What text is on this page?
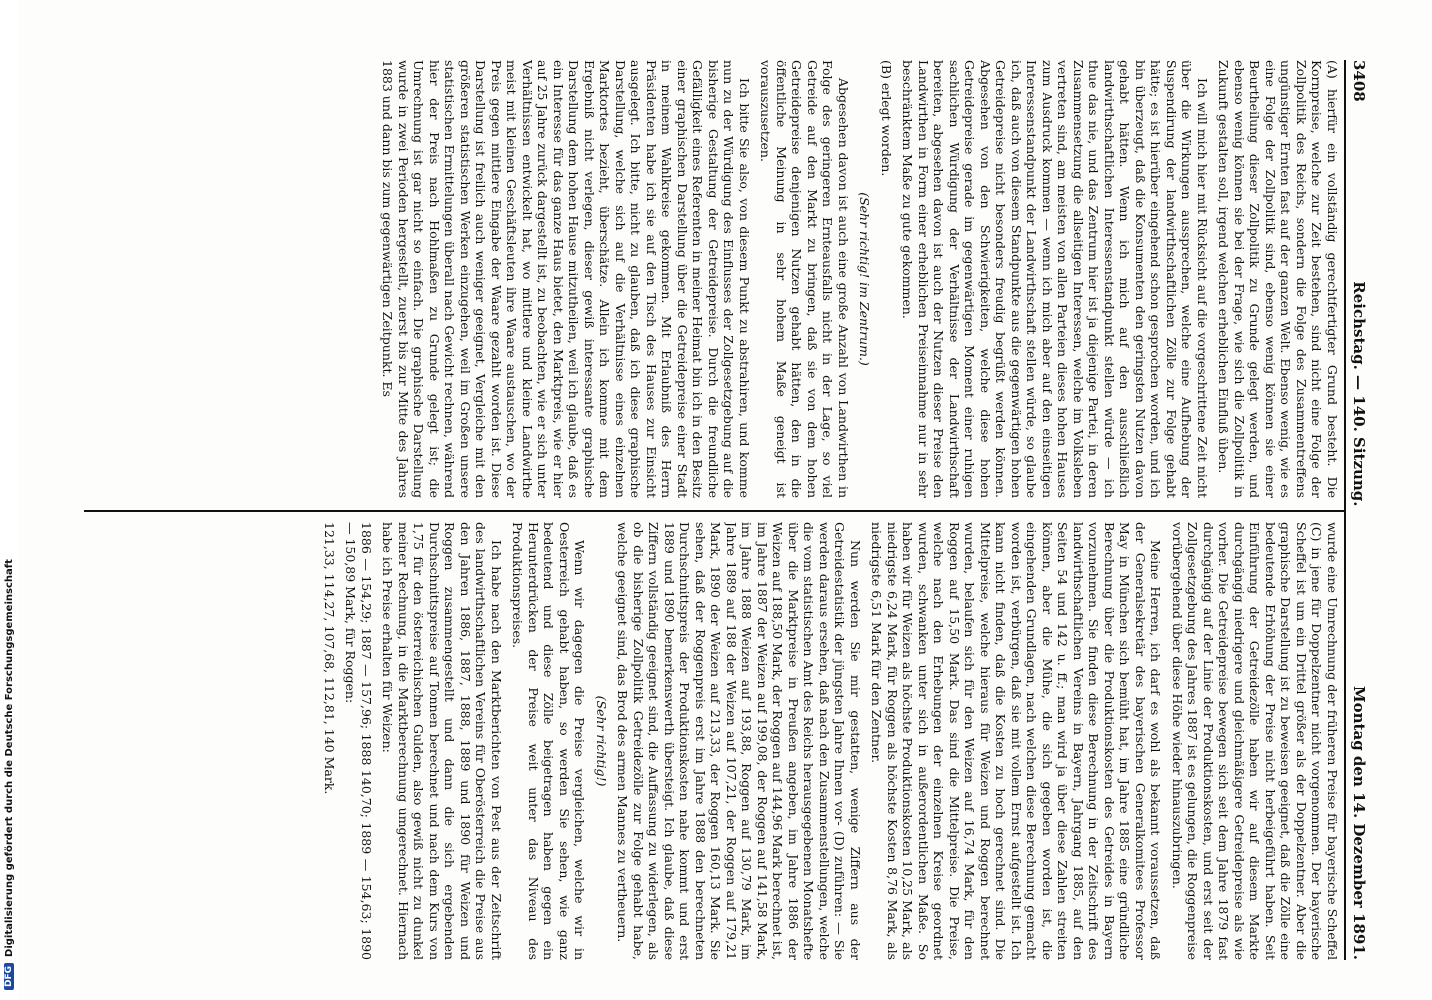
3408
Reichstag. — 140. Sitzung.
Montag den 14. Dezember 1891.

(A) hierfür ein vollständig gerechtfertigter Grund besteht. Die Kornpreise, welche zur Zeit bestehen, sind nicht eine Folge der Zollpolitik des Reichs, sondern die Folge des Zusammentreffens ungünstiger Ernten fast auf der ganzen Welt. Ebenso wenig, wie es eine Folge der Zollpolitik sind, ebenso wenig können sie einer Beurtheilung dieser Zollpolitik zu Grunde gelegt werden, und ebenso wenig können sie bei der Frage, wie sich die Zollpolitik in Zukunft gestalten soll, irgend welchen erheblichen Einfluß üben.

Ich will mich hier mit Rücksicht auf die vorgeschrittene Zeit nicht über die Wirkungen aussprechen, welche eine Aufhebung der Suspendirung der landwirthschaftlichen Zölle zur Folge gehabt hätte; es ist hierüber eingehend schon gesprochen worden, und ich bin überzeugt, daß die Konsumenten den geringsten Nutzen davon gehabt hätten. Wenn ich mich auf den ausschließlich landwirthschaftlichen Interessenstandpunkt stellen würde — ich thue das nie, und das Zentrum hier ist ja diejenige Partei, in deren Zusammensetzung die allseitigen Interessen, welche im Volksleben vertreten sind, am meisten von allen Parteien dieses hohen Hauses zum Ausdruck kommen — wenn ich mich aber auf den einseitigen Interessenstandpunkt der Landwirthschaft stellen würde, so glaube ich, daß auch von diesem Standpunkte aus die gegenwärtigen hohen Getreidepreise nicht besonders freudig begrüßt werden können. Abgesehen von den Schwierigkeiten, welche diese hohen Getreidepreise gerade im gegenwärtigen Moment einer ruhigen sachlichen Würdigung der Verhältnisse der Landwirthschaft bereiten, abgesehen davon ist auch der Nutzen dieser Preise den Landwirthen in Form einer erheblichen Preiseinnahme nur in sehr beschränktem Maße zu gute gekommen.

(B) erlegt worden.

(Sehr richtig! im Zentrum.)

Abgesehen davon ist auch eine große Anzahl von Landwirthen in Folge des geringeren Ernteausfalls nicht in der Lage, so viel Getreide auf den Markt zu bringen, daß sie von dem hohen Getreidepreise denjenigen Nutzen gehabt hätten, den in die öffentliche Meinung in sehr hohem Maße geneigt ist vorauszusetzen.

Ich bitte Sie also, von diesem Punkt zu abstrahiren, und komme nun zu der Würdigung des Einflusses der Zollgesetzgebung auf die bisherige Gestaltung der Getreidepreise. Durch die freundliche Gefälligkeit eines Referenten in meiner Heimat bin ich in den Besitz einer graphischen Darstellung über die Getreidepreise einer Stadt in meinem Wahlkreise gekommen. Mit Erlaubniß des Herrn Präsidenten habe ich sie auf den Tisch des Hauses zur Einsicht ausgelegt. Ich bitte, nicht zu glauben, daß ich diese graphische Darstellung, welche sich auf die Verhältnisse eines einzelnen Marktortes bezieht, überschätze. Allein ich komme mit dem Ergebniß nicht verlegen, dieser gewiß interessante graphische Darstellung dem hohen Hause mitzutheilen, weil ich glaube, daß es ein Interesse für das ganze Haus bietet, den Marktpreis, wie er hier auf 25 Jahre zurück dargestellt ist, zu beobachten, wie er sich unter Verhältnissen entwickelt hat, wo mittlere und kleine Landwirthe meist mit kleinen Geschäftsleuten ihre Waare austauschen, wo der Preis gegen mittlere Eingabe der Waare gezahlt worden ist. Diese Darstellung ist freilich auch weniger geeignet, Vergleiche mit den größeren statistischen Werken einzugehen, weil im Großen unsere statistischen Ermittelungen überall nach Gewicht rechnen, während hier der Preis nach Hohlmaßen zu Grunde gelegt ist; die Umrechnung ist gar nicht so einfach. Die graphische Darstellung wurde in zwei Perioden hergestellt, zuerst bis zur Mitte des Jahres 1883 und dann bis zum gegenwärtigen Zeitpunkt. Es

wurde eine Umrechnung der früheren Preise für bayerische Scheffel (C) in jene für Doppelzentner nicht vorgenommen. Der bayerische Scheffel ist um ein Drittel größer als der Doppelzentner. Aber die graphische Darstellung ist zu beweisen geeignet, daß die Zölle eine bedeutende Erhöhung der Preise nicht herbeigeführt haben. Seit Einführung der Getreidezölle haben wir auf diesem Markte durchgängig niedrigere und gleichmäßigere Getreidepreise als wie vorher. Die Getreidepreise bewegen sich seit dem Jahre 1879 fast durchgängig auf der Linie der Produktionskosten, und erst seit der Zollgesetzgebung des Jahres 1887 ist es gelungen, die Roggenpreise vorübergehend über diese Höhe wieder hinauszubringen.

Meine Herren, ich darf es wohl als bekannt voraussetzen, daß der Generalsekretär des bayerischen Generalkomitees Professor May in München sich bemüht hat, im Jahre 1885 eine gründliche Berechnung über die Produktionskosten des Getreides in Bayern vorzunehmen. Sie finden diese Berechnung in der Zeitschrift des landwirthschaftlichen Vereins in Bayern, Jahrgang 1885, auf den Seiten 54 und 142 u. ff.; man wird ja über diese Zahlen streiten können, aber die Mühe, die sich gegeben worden ist, die eingehenden Grundlagen, nach welchen diese Berechnung gemacht worden ist, verbürgen, daß sie mit vollem Ernst aufgestellt ist. Ich kann nicht finden, daß die Kosten zu hoch gerechnet sind. Die Mittelpreise, welche hieraus für Weizen und Roggen berechnet wurden, belaufen sich für den Weizen auf 16,74 Mark, für den Roggen auf 15,50 Mark. Das sind die Mittelpreise. Die Preise, welche nach den Erhebungen der einzelnen Kreise geordnet wurden, schwanken unter sich in außerordentlichen Maße. So haben wir für Weizen als höchste Produktionskosten 10,25 Mark, als niedrigste 6,24 Mark, für Roggen als höchste Kosten 8,76 Mark, als niedrigste 6,51 Mark für den Zentner.

Nun werden Sie mir gestatten, wenige Ziffern aus der Getreidestatistik der jüngsten Jahre Ihnen vor- (D) zuführen: — Sie werden daraus ersehen, daß nach den Zusammenstellungen, welche die vom statistischen Amt des Reichs herausgegebenen Monatshefte über die Marktpreise in Preußen angeben, im Jahre 1886 der Weizen auf 188,50 Mark, der Roggen auf 144,96 Mark berechnet ist, im Jahre 1887 der Weizen auf 199,08, der Roggen auf 141,58 Mark, im Jahre 1888 Weizen auf 193,88, Roggen auf 130,79 Mark, im Jahre 1889 auf 188 der Weizen auf 107,21, der Roggen auf 179,21 Mark, 1890 der Weizen auf 213,33, der Roggen 160,13 Mark. Sie sehen, daß der Roggenpreis erst im Jahre 1888 den berechneten Durchschnittspreis der Produktionskosten nahe kommt und erst 1889 und 1890 bemerkenswerth übersteigt. Ich glaube, daß diese Ziffern vollständig geeignet sind, die Auffassung zu widerlegen, als ob die bisherige Zollpolitik Getreidezölle zur Folge gehabt habe, welche geeignet sind, das Brod des armen Mannes zu vertheuern.

(Sehr richtig!)

Wenn wir dagegen die Preise vergleichen, welche wir in Oesterreich gehabt haben, so werden Sie sehen, wie ganz bedeutend und diese Zölle beigetragen haben gegen ein Herunterdrücken der Preise weit unter das Niveau des Produktionspreises.

Ich habe nach den Marktberichten von Pest aus der Zeitschrift des landwirthschaftlichen Vereins für Oberösterreich die Preise aus den Jahren 1886, 1887, 1888, 1889 und 1890 für Weizen und Roggen zusammengestellt und dann die sich ergebenden Durchschnittspreise auf Tonnen berechnet und nach dem Kurs von 1,75 für den österreichischen Gulden, also gewiß nicht zu dunkel meiner Rechnung, in die Marktberechnung umgerechnet. Hiernach habe ich Preise erhalten für Weizen:

1886 — 154,29; 1887 — 157,96; 1888 140,70; 1889 — 154,63; 1890 — 150,89 Mark, für Roggen:

121,33, 114,27, 107,68, 112,81, 140 Mark.

DFG
Digitalisierung gefördert durch die Deutsche Forschungsgemeinschaft
